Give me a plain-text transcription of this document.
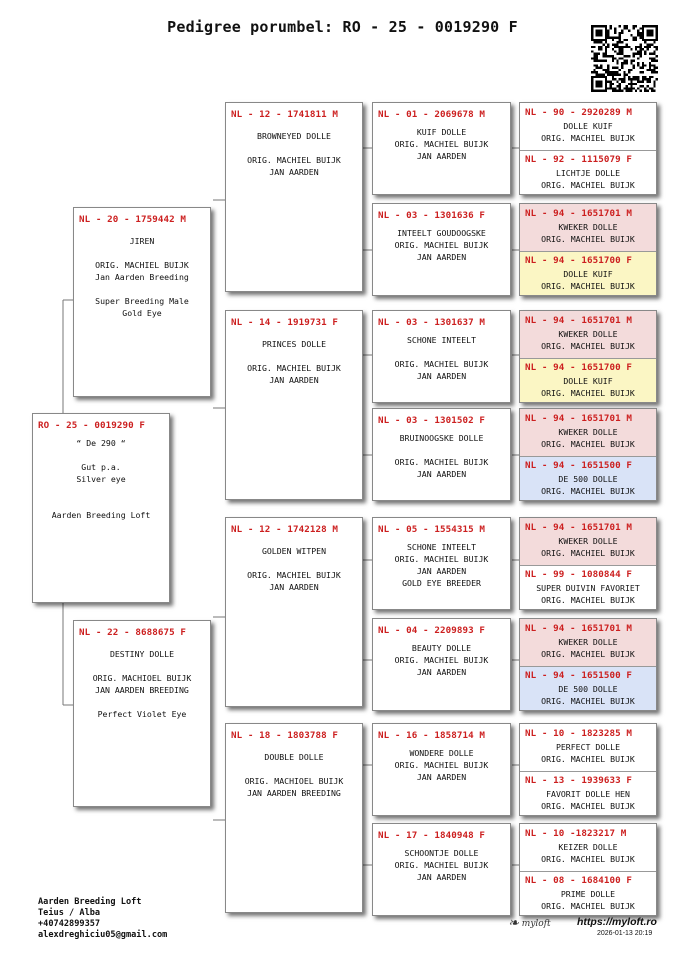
Pedigree porumbel: RO - 25 - 0019290 F
RO - 25 - 0019290 F

“ De 290 “

Gut p.a.

Silver eye

Aarden Breeding Loft

NL - 20 - 1759442 M

JIREN

ORIG. MACHIEL BUIJK

Jan Aarden Breeding

Super Breeding Male

Gold Eye

NL - 22 - 8688675 F

DESTINY DOLLE

ORIG. MACHIOEL BUIJK

JAN AARDEN BREEDING

Perfect Violet Eye

NL - 12 - 1741811 M

BROWNEYED DOLLE

ORIG. MACHIEL BUIJK

JAN AARDEN

NL - 14 - 1919731 F

PRINCES DOLLE

ORIG. MACHIEL BUIJK

JAN AARDEN

NL - 12 - 1742128 M

GOLDEN WITPEN

ORIG. MACHIEL BUIJK

JAN AARDEN

NL - 18 - 1803788 F

DOUBLE DOLLE

ORIG. MACHIOEL BUIJK

JAN AARDEN BREEDING

NL - 01 - 2069678 M

KUIF DOLLE

ORIG. MACHIEL BUIJK

JAN AARDEN

NL - 03 - 1301636 F

INTEELT GOUDOOGSKE

ORIG. MACHIEL BUIJK

JAN AARDEN

NL - 03 - 1301637 M

SCHONE INTEELT

ORIG. MACHIEL BUIJK

JAN AARDEN

NL - 03 - 1301502 F

BRUINOOGSKE DOLLE

ORIG. MACHIEL BUIJK

JAN AARDEN

NL - 05 - 1554315 M

SCHONE INTEELT

ORIG. MACHIEL BUIJK

JAN AARDEN

GOLD EYE BREEDER

NL - 04 - 2209893 F

BEAUTY DOLLE

ORIG. MACHIEL BUIJK

JAN AARDEN

NL - 16 - 1858714 M

WONDERE DOLLE

ORIG. MACHIEL BUIJK

JAN AARDEN

NL - 17 - 1840948 F

SCHOONTJE DOLLE

ORIG. MACHIEL BUIJK

JAN AARDEN

NL - 90 - 2920289 M

DOLLE KUIF

ORIG. MACHIEL BUIJK

NL - 92 - 1115079 F

LICHTJE DOLLE

ORIG. MACHIEL BUIJK

NL - 94 - 1651701 M

KWEKER DOLLE

ORIG. MACHIEL BUIJK

NL - 94 - 1651700 F

DOLLE KUIF

ORIG. MACHIEL BUIJK

NL - 94 - 1651701 M

KWEKER DOLLE

ORIG. MACHIEL BUIJK

NL - 94 - 1651700 F

DOLLE KUIF

ORIG. MACHIEL BUIJK

NL - 94 - 1651701 M

KWEKER DOLLE

ORIG. MACHIEL BUIJK

NL - 94 - 1651500 F

DE 500 DOLLE

ORIG. MACHIEL BUIJK

NL - 94 - 1651701 M

KWEKER DOLLE

ORIG. MACHIEL BUIJK

NL - 99 - 1080844 F

SUPER DUIVIN FAVORIET

ORIG. MACHIEL BUIJK

NL - 94 - 1651701 M

KWEKER DOLLE

ORIG. MACHIEL BUIJK

NL - 94 - 1651500 F

DE 500 DOLLE

ORIG. MACHIEL BUIJK

NL - 10 - 1823285 M

PERFECT DOLLE

ORIG. MACHIEL BUIJK

NL - 13 - 1939633 F

FAVORIT DOLLE HEN

ORIG. MACHIEL BUIJK

NL - 10 -1823217 M

KEIZER DOLLE

ORIG. MACHIEL BUIJK

NL - 08 - 1684100 F

PRIME DOLLE

ORIG. MACHIEL BUIJK

Aarden Breeding Loft
Teius / Alba
+40742899357
alexdreghiciu05@gmail.com
❧ myloft	https://myloft.ro
2026-01-13 20:19
